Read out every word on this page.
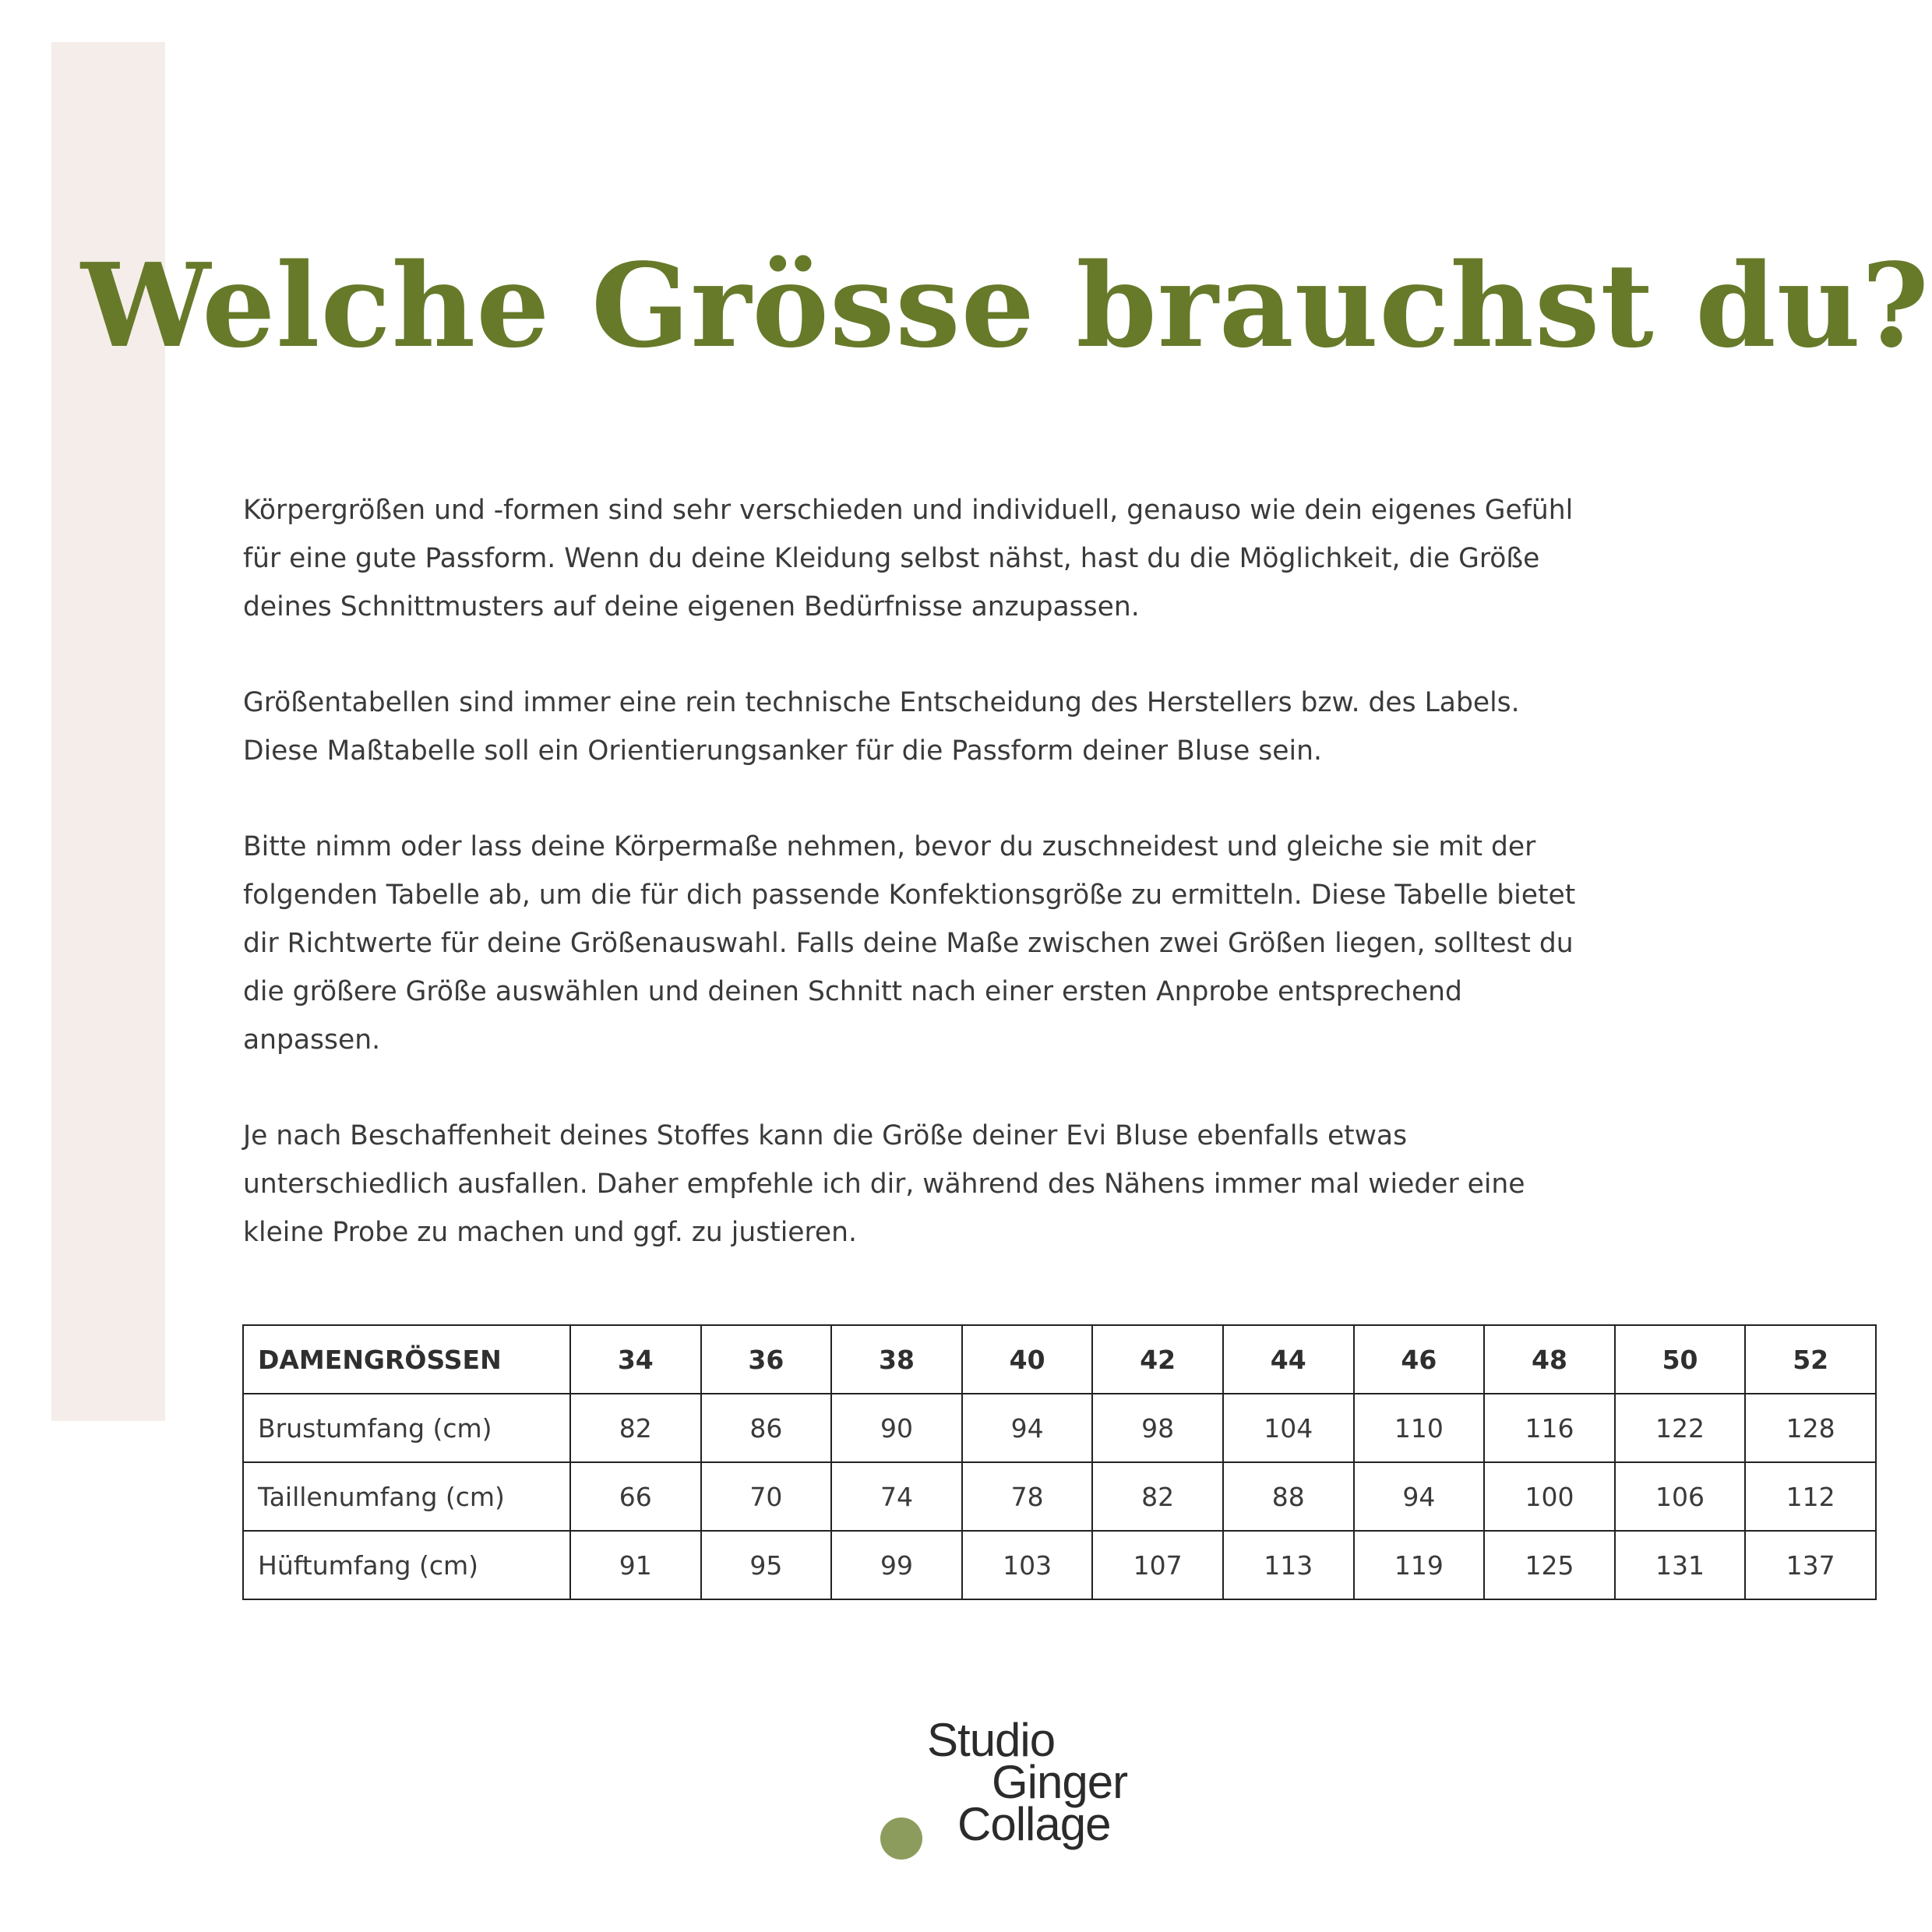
Welche Grösse brauchst du?

Körpergrößen und -formen sind sehr verschieden und individuell, genauso wie dein eigenes Gefühl für eine gute Passform. Wenn du deine Kleidung selbst nähst, hast du die Möglichkeit, die Größe deines Schnittmusters auf deine eigenen Bedürfnisse anzupassen.

Größentabellen sind immer eine rein technische Entscheidung des Herstellers bzw. des Labels. Diese Maßtabelle soll ein Orientierungsanker für die Passform deiner Bluse sein.

Bitte nimm oder lass deine Körpermaße nehmen, bevor du zuschneidest und gleiche sie mit der folgenden Tabelle ab, um die für dich passende Konfektionsgröße zu ermitteln. Diese Tabelle bietet dir Richtwerte für deine Größenauswahl. Falls deine Maße zwischen zwei Größen liegen, solltest du die größere Größe auswählen und deinen Schnitt nach einer ersten Anprobe entsprechend anpassen.

Je nach Beschaffenheit deines Stoffes kann die Größe deiner Evi Bluse ebenfalls etwas unterschiedlich ausfallen. Daher empfehle ich dir, während des Nähens immer mal wieder eine kleine Probe zu machen und ggf. zu justieren.

DAMENGRÖSSEN	34	36	38	40	42	44	46	48	50	52
Brustumfang (cm)	82	86	90	94	98	104	110	116	122	128
Taillenumfang (cm)	66	70	74	78	82	88	94	100	106	112
Hüftumfang (cm)	91	95	99	103	107	113	119	125	131	137
Studio
Ginger
Collage
